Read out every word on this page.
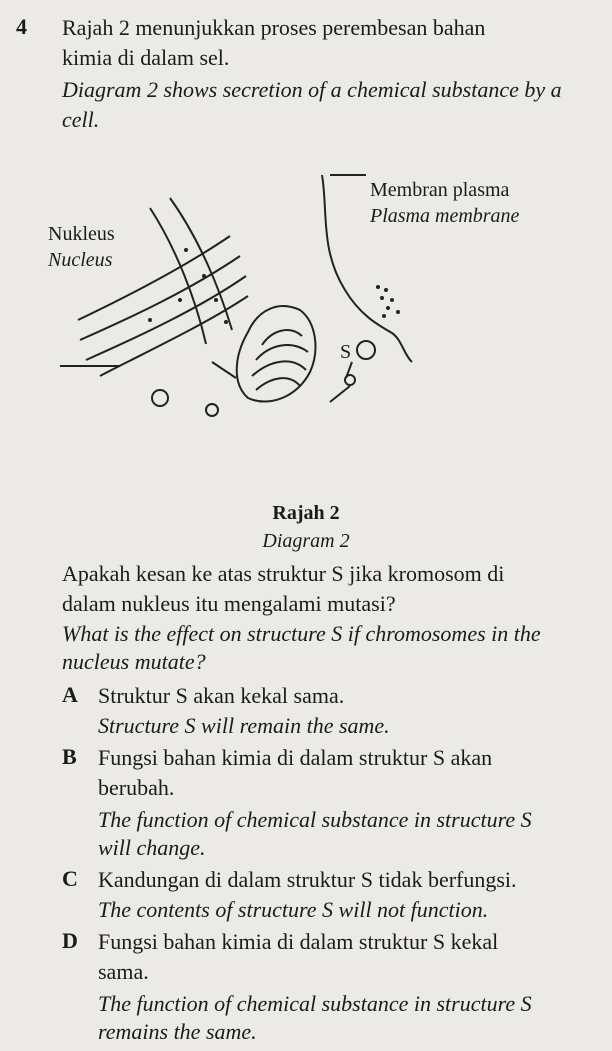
4 Rajah 2 menunjukkan proses perembesan bahan
kimia di dalam sel.
Diagram 2 shows secretion of a chemical substance by a
cell.
Nukleus
Nucleus
Membran plasma
Plasma membrane
S
Rajah 2
Diagram 2
Apakah kesan ke atas struktur S jika kromosom di
dalam nukleus itu mengalami mutasi?
What is the effect on structure S if chromosomes in the
nucleus mutate?
A Struktur S akan kekal sama.
Structure S will remain the same.
B Fungsi bahan kimia di dalam struktur S akan
berubah.
The function of chemical substance in structure S
will change.
C Kandungan di dalam struktur S tidak berfungsi.
The contents of structure S will not function.
D Fungsi bahan kimia di dalam struktur S kekal
sama.
The function of chemical substance in structure S
remains the same.
